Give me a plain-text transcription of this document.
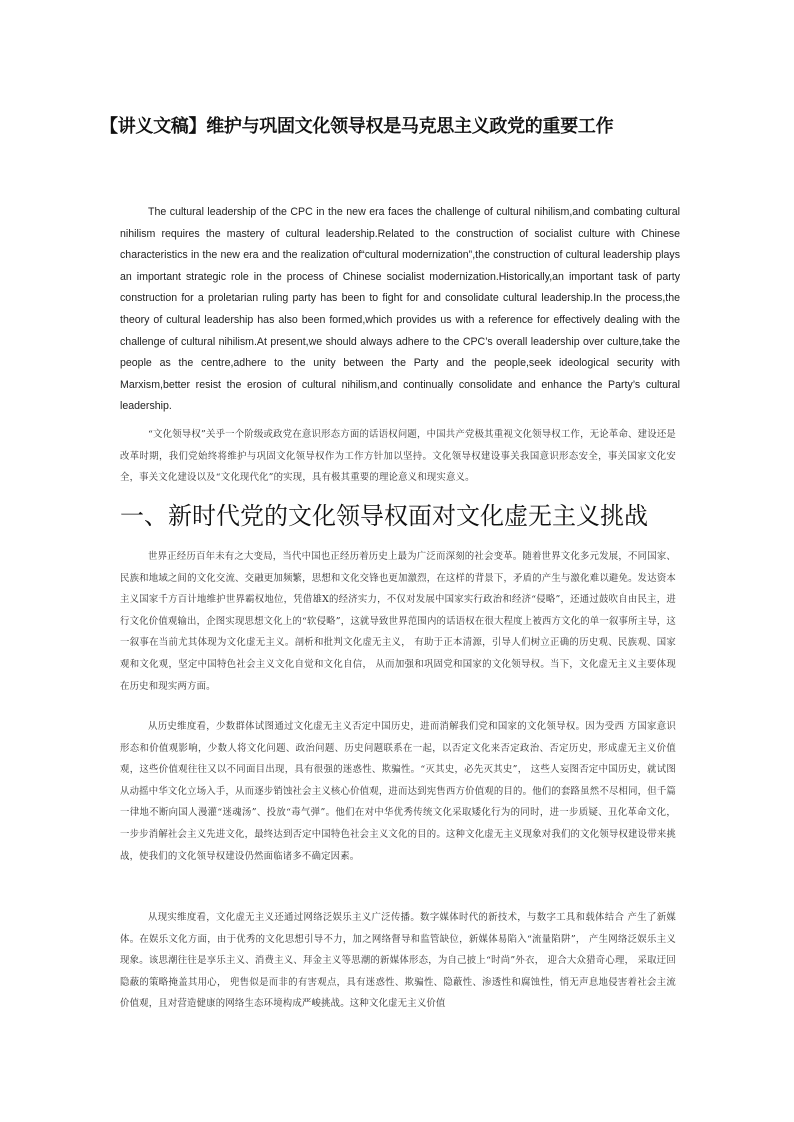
【讲义文稿】维护与巩固文化领导权是马克思主义政党的重要工作

The cultural leadership of the CPC in the new era faces the challenge of cultural nihilism,and combating cultural nihilism requires the mastery of cultural leadership.Related to the construction of socialist culture with Chinese characteristics in the new era and the realization of“cultural modernization”,the construction of cultural leadership plays an important strategic role in the process of Chinese socialist modernization.Historically,an important task of party construction for a proletarian ruling party has been to fight for and consolidate cultural leadership.In the process,the theory of cultural leadership has also been formed,which provides us with a reference for effectively dealing with the challenge of cultural nihilism.At present,we should always adhere to the CPC’s overall leadership over culture,take the people as the centre,adhere to the unity between the Party and the people,seek ideological security with Marxism,better resist the erosion of cultural nihilism,and continually consolidate and enhance the Party’s cultural leadership.

“文化领导权”关乎一个阶级或政党在意识形态方面的话语权问题，中国共产党极其重视文化领导权工作，无论革命、建设还是改革时期，我们党始终将维护与巩固文化领导权作为工作方针加以坚持。文化领导权建设事关我国意识形态安全，事关国家文化安全，事关文化建设以及“文化现代化”的实现，具有极其重要的理论意义和现实意义。

一、新时代党的文化领导权面对文化虚无主义挑战

世界正经历百年未有之大变局，当代中国也正经历着历史上最为广泛而深刻的社会变革。随着世界文化多元发展，不同国家、民族和地域之间的文化交流、交融更加频繁，思想和文化交锋也更加激烈，在这样的背景下，矛盾的产生与激化难以避免。发达资本主义国家千方百计地维护世界霸权地位，凭借雄X的经济实力，不仅对发展中国家实行政治和经济“侵略”，还通过鼓吹自由民主，进行文化价值观输出，企图实现思想文化上的“软侵略”，这就导致世界范围内的话语权在很大程度上被西方文化的单一叙事所主导，这一叙事在当前尤其体现为文化虚无主义。剖析和批判文化虚无主义， 有助于正本清源，引导人们树立正确的历史观、民族观、国家观和文化观，坚定中国特色社会主义文化自觉和文化自信， 从而加强和巩固党和国家的文化领导权。当下，文化虚无主义主要体现在历史和现实两方面。

从历史维度看，少数群体试图通过文化虚无主义否定中国历史，进而消解我们党和国家的文化领导权。因为受西 方国家意识形态和价值观影响，少数人将文化问题、政治问题、历史问题联系在一起，以否定文化来否定政治、否定历史，形成虚无主义价值观，这些价值观往往又以不同面目出现，具有很强的迷惑性、欺骗性。“灭其史，必先灭其史”， 这些人妄图否定中国历史，就试图从动摇中华文化立场入手，从而逐步销蚀社会主义核心价值观，进而达到宪售西方价值观的目的。他们的套路虽然不尽相同，但千篇一律地不断向国人漫灌“迷魂汤”、投放“毒气弹”。他们在对中华优秀传统文化采取矮化行为的同时，进一步质疑、丑化革命文化，一步步消解社会主义先进文化，最终达到否定中国特色社会主义文化的目的。这种文化虚无主义现象对我们的文化领导权建设带来挑战，使我们的文化领导权建设仍然面临诸多不确定因素。

从现实维度看，文化虚无主义还通过网络泛娱乐主义广泛传播。数字媒体时代的新技术，与数字工具和载体结合 产生了新媒体。在娱乐文化方面，由于优秀的文化思想引导不力，加之网络督导和监管缺位，新媒体易陷入“流量陷阱”， 产生网络泛娱乐主义现象。该思潮往往是享乐主义、消费主义、拜金主义等思潮的新媒体形态，为自己披上“时尚”外衣， 迎合大众猎奇心理， 采取迂回隐蔽的策略掩盖其用心， 兜售似是而非的有害观点，具有迷惑性、欺骗性、隐蔽性、渗透性和腐蚀性，悄无声息地侵害着社会主流价值观，且对营造健康的网络生态环境构成严峻挑战。这种文化虚无主义价值
